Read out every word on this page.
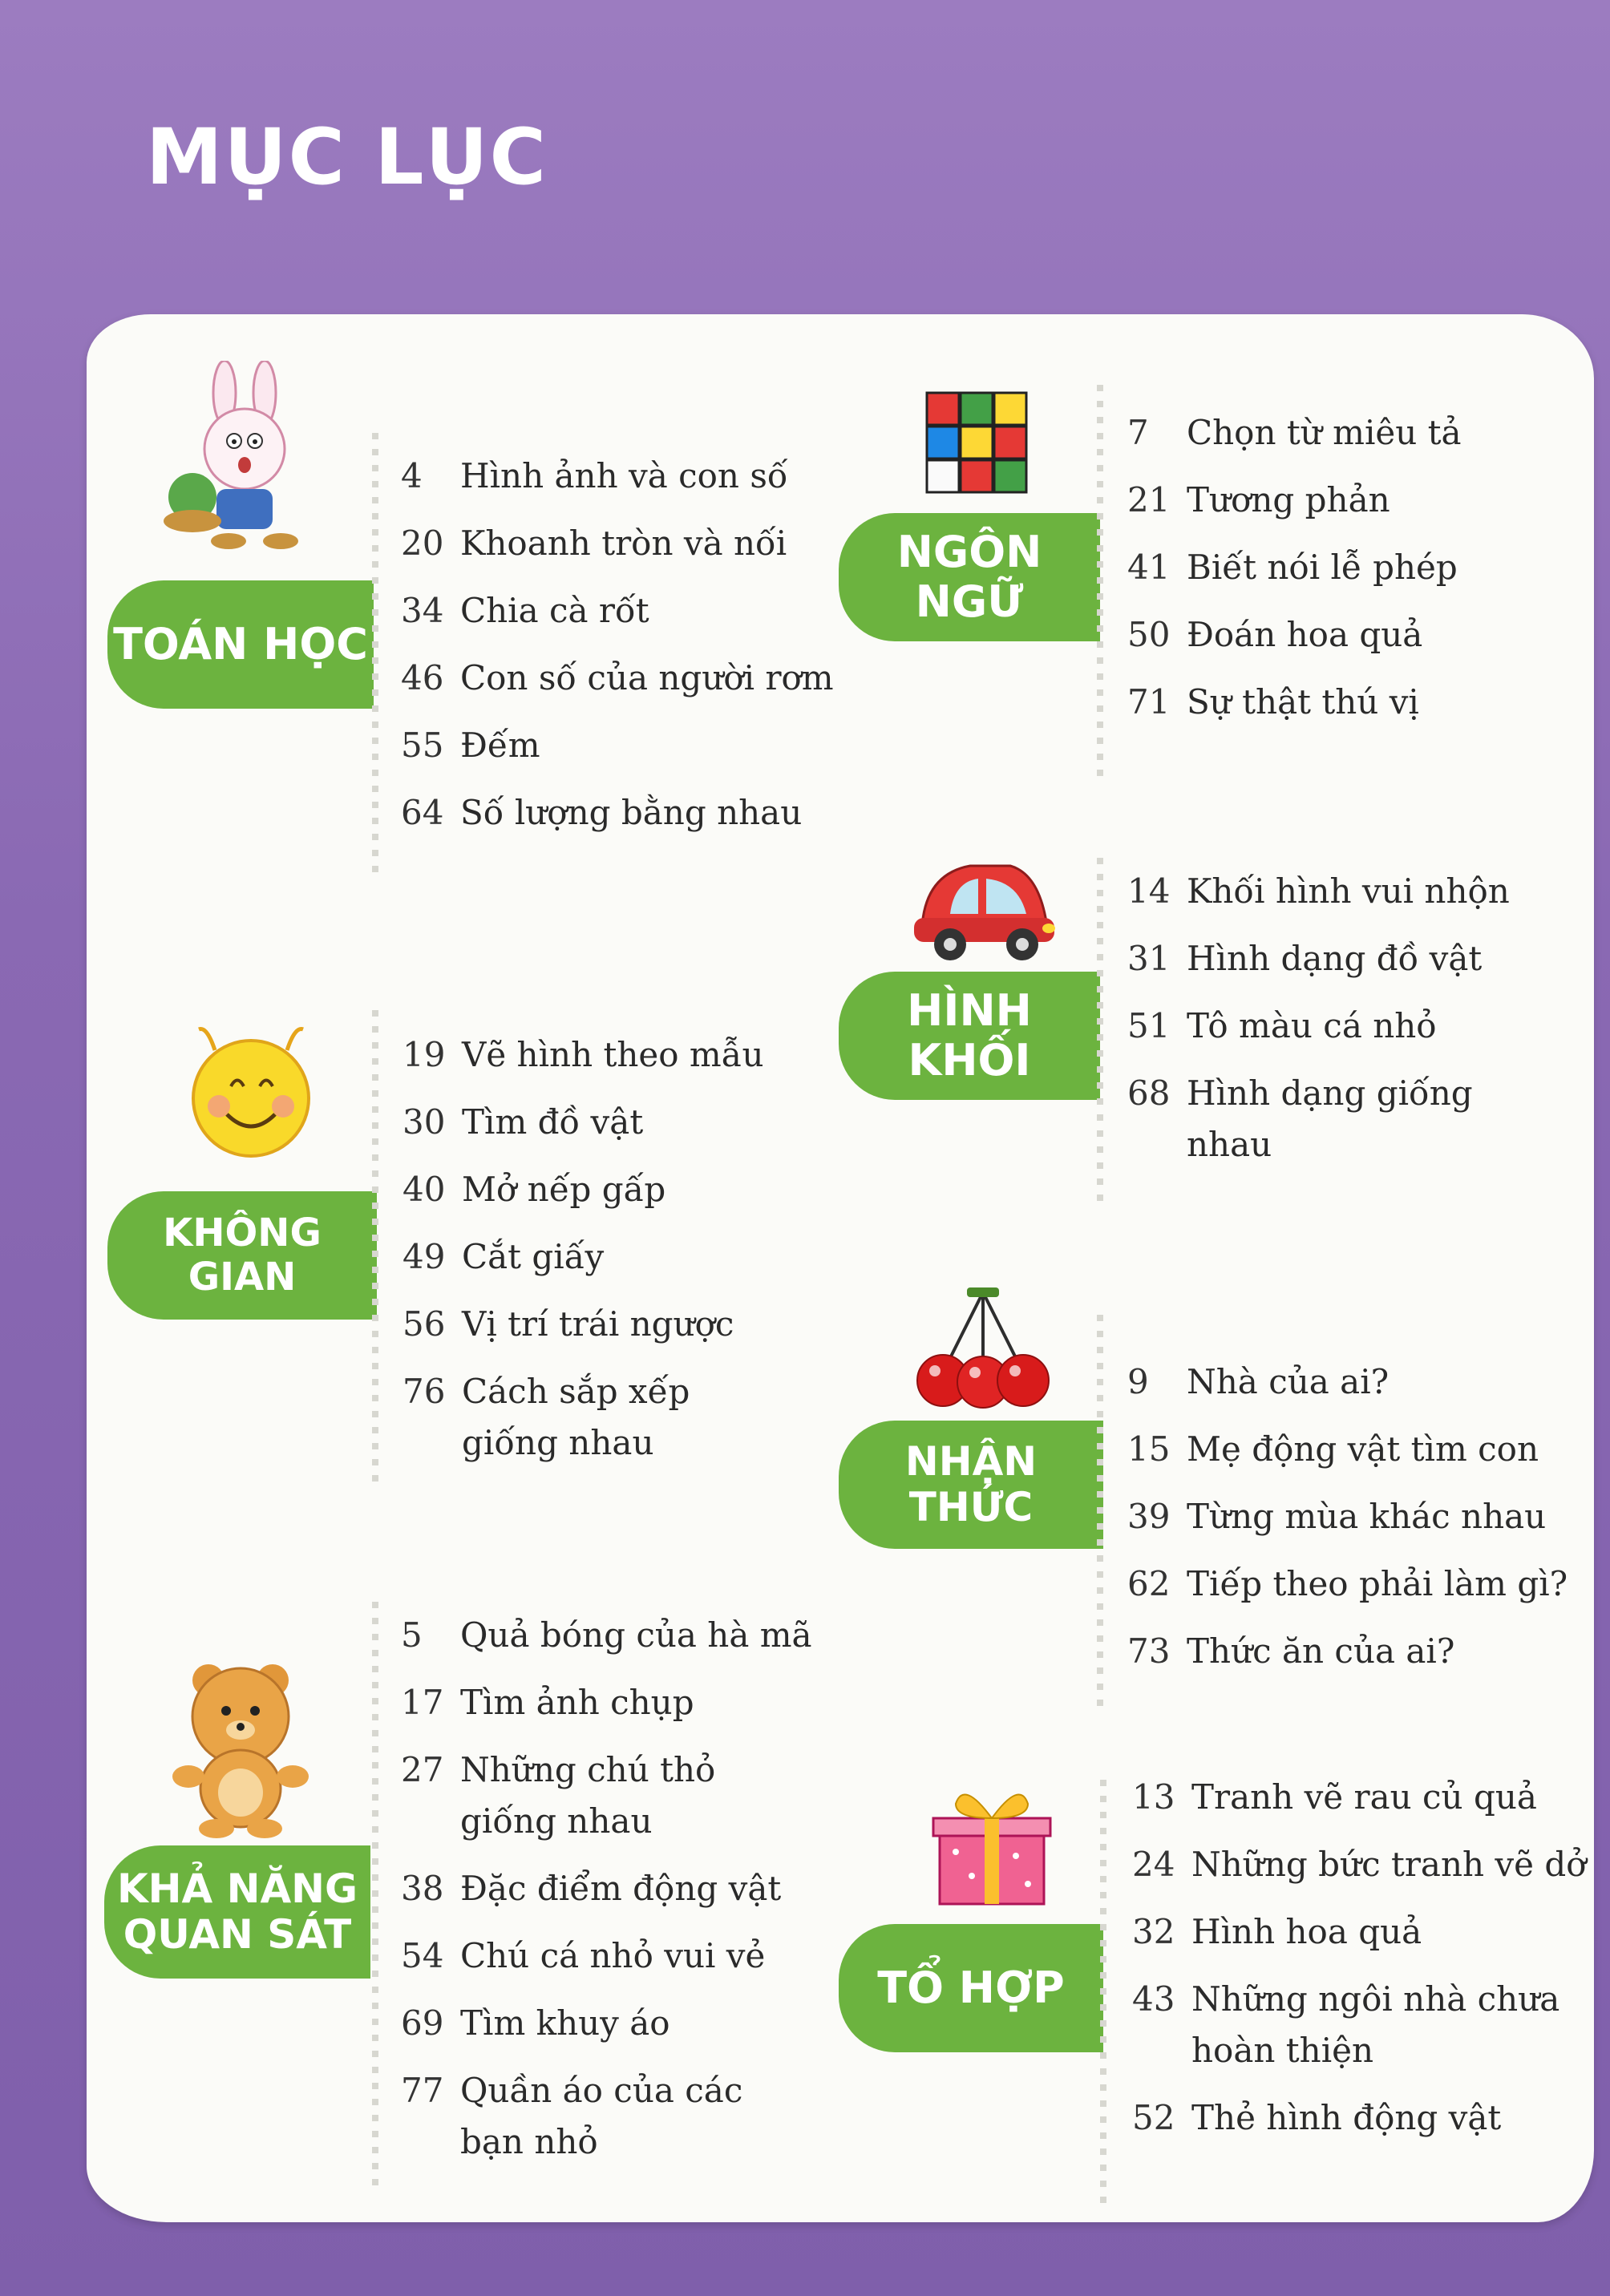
MỤC LỤC
TOÁN HỌC
4	Hình ảnh và con số
20 Khoanh tròn và nối
34 Chia cà rốt
46 Con số của người rơm
55 Đếm
64 Số lượng bằng nhau
KHÔNG GIAN
19 Vẽ hình theo mẫu
30 Tìm đồ vật
40 Mở nếp gấp
49 Cắt giấy
56 Vị trí trái ngược
76 Cách sắp xếp
giống nhau
KHẢ NĂNG
QUAN SÁT
5	Quả bóng của hà mã
17 Tìm ảnh chụp
27 Những chú thỏ
giống nhau
38 Đặc điểm động vật
54 Chú cá nhỏ vui vẻ
69 Tìm khuy áo
77 Quần áo của các
bạn nhỏ
NGÔN NGỮ
7	Chọn từ miêu tả
21 Tương phản
41 Biết nói lễ phép
50 Đoán hoa quả
71 Sự thật thú vị
HÌNH KHỐI
14 Khối hình vui nhộn
31 Hình dạng đồ vật
51 Tô màu cá nhỏ
68 Hình dạng giống
nhau
NHẬN THỨC
9	Nhà của ai?
15 Mẹ động vật tìm con
39 Từng mùa khác nhau
62 Tiếp theo phải làm gì?
73 Thức ăn của ai?
TỔ HỢP
13 Tranh vẽ rau củ quả
24 Những bức tranh vẽ dở
32 Hình hoa quả
43 Những ngôi nhà chưa
hoàn thiện
52 Thẻ hình động vật
